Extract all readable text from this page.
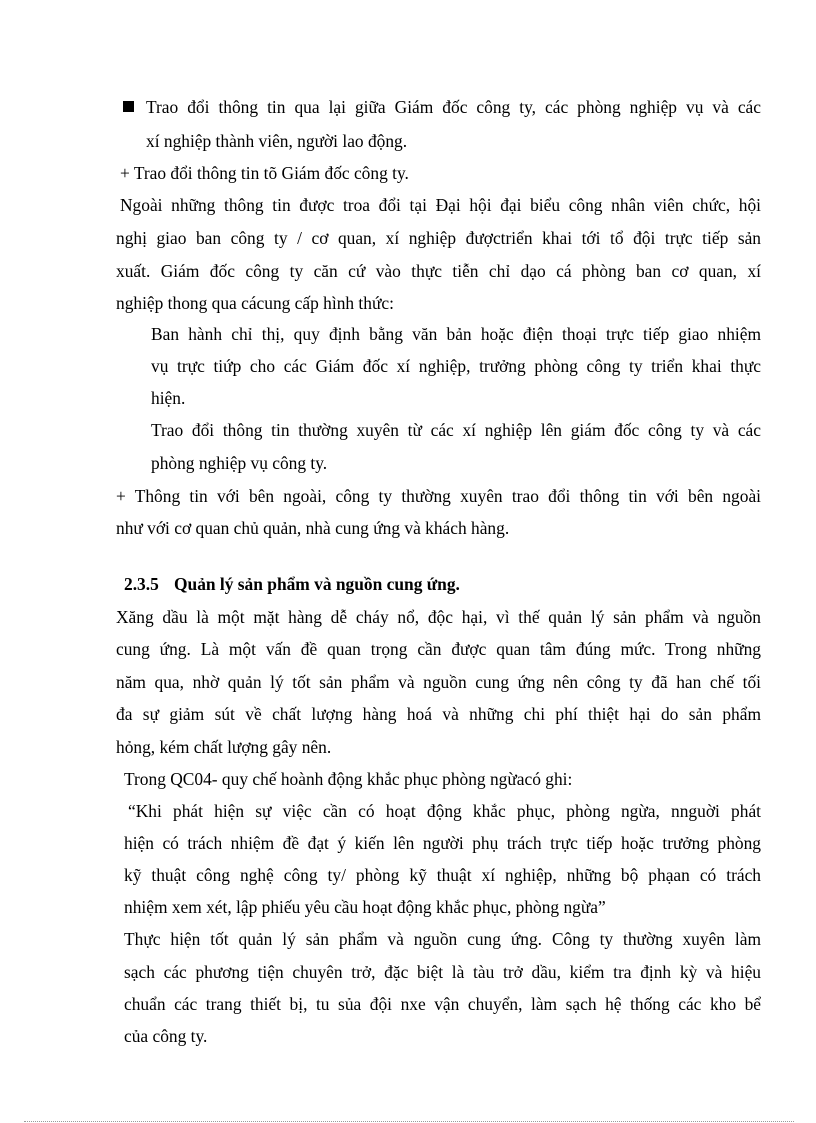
Trao đổi thông tin qua lại giữa Giám đốc công ty, các phòng nghiệp vụ và các
xí nghiệp thành viên, người lao động.
+ Trao đổi thông tin tõ Giám đốc công ty.
Ngoài những thông tin được troa đổi tại Đại hội đại biểu công nhân viên chức, hội
nghị giao ban công ty / cơ quan, xí nghiệp đượctriển khai tới tổ đội trực tiếp sản
xuất. Giám đốc công ty căn cứ vào thực tiễn chỉ dạo cá phòng ban cơ quan, xí
nghiệp thong qua cácung cấp hình thức:
Ban hành chỉ thị, quy định bằng văn bản hoặc điện thoại trực tiếp giao nhiệm
vụ trực tiứp cho các Giám đốc xí nghiệp, trưởng phòng công ty triển khai thực
hiện.
Trao đổi thông tin thường xuyên từ các xí nghiệp lên giám đốc công ty và các
phòng nghiệp vụ công ty.
+ Thông tin với bên ngoài, công ty thường xuyên trao đổi thông tin với bên ngoài
như với cơ quan chủ quản, nhà cung ứng và khách hàng.
2.3.5 Quản lý sản phẩm và nguồn cung ứng.
Xăng dầu là một mặt hàng dễ cháy nổ, độc hại, vì thế quản lý sản phẩm và nguồn
cung ứng. Là một vấn đề quan trọng cần được quan tâm đúng mức. Trong những
năm qua, nhờ quản lý tốt sản phẩm và nguồn cung ứng nên công ty đã han chế tối
đa sự giảm sút về chất lượng hàng hoá và những chi phí thiệt hại do sản phẩm
hỏng, kém chất lượng gây nên.
Trong QC04- quy chế hoành động khắc phục phòng ngừacó ghi:
“Khi phát hiện sự việc cần có hoạt động khắc phục, phòng ngừa, nnguời phát
hiện có trách nhiệm đề đạt ý kiến lên người phụ trách trực tiếp hoặc trưởng phòng
kỹ thuật công nghệ công ty/ phòng kỹ thuật xí nghiệp, những bộ phạan có trách
nhiệm xem xét, lập phiếu yêu cầu hoạt động khắc phục, phòng ngừa”
Thực hiện tốt quản lý sản phẩm và nguồn cung ứng. Công ty thường xuyên làm
sạch các phương tiện chuyên trở, đặc biệt là tàu trở dầu, kiểm tra định kỳ và hiệu
chuẩn các trang thiết bị, tu sủa đội nxe vận chuyển, làm sạch hệ thống các kho bể
của công ty.
